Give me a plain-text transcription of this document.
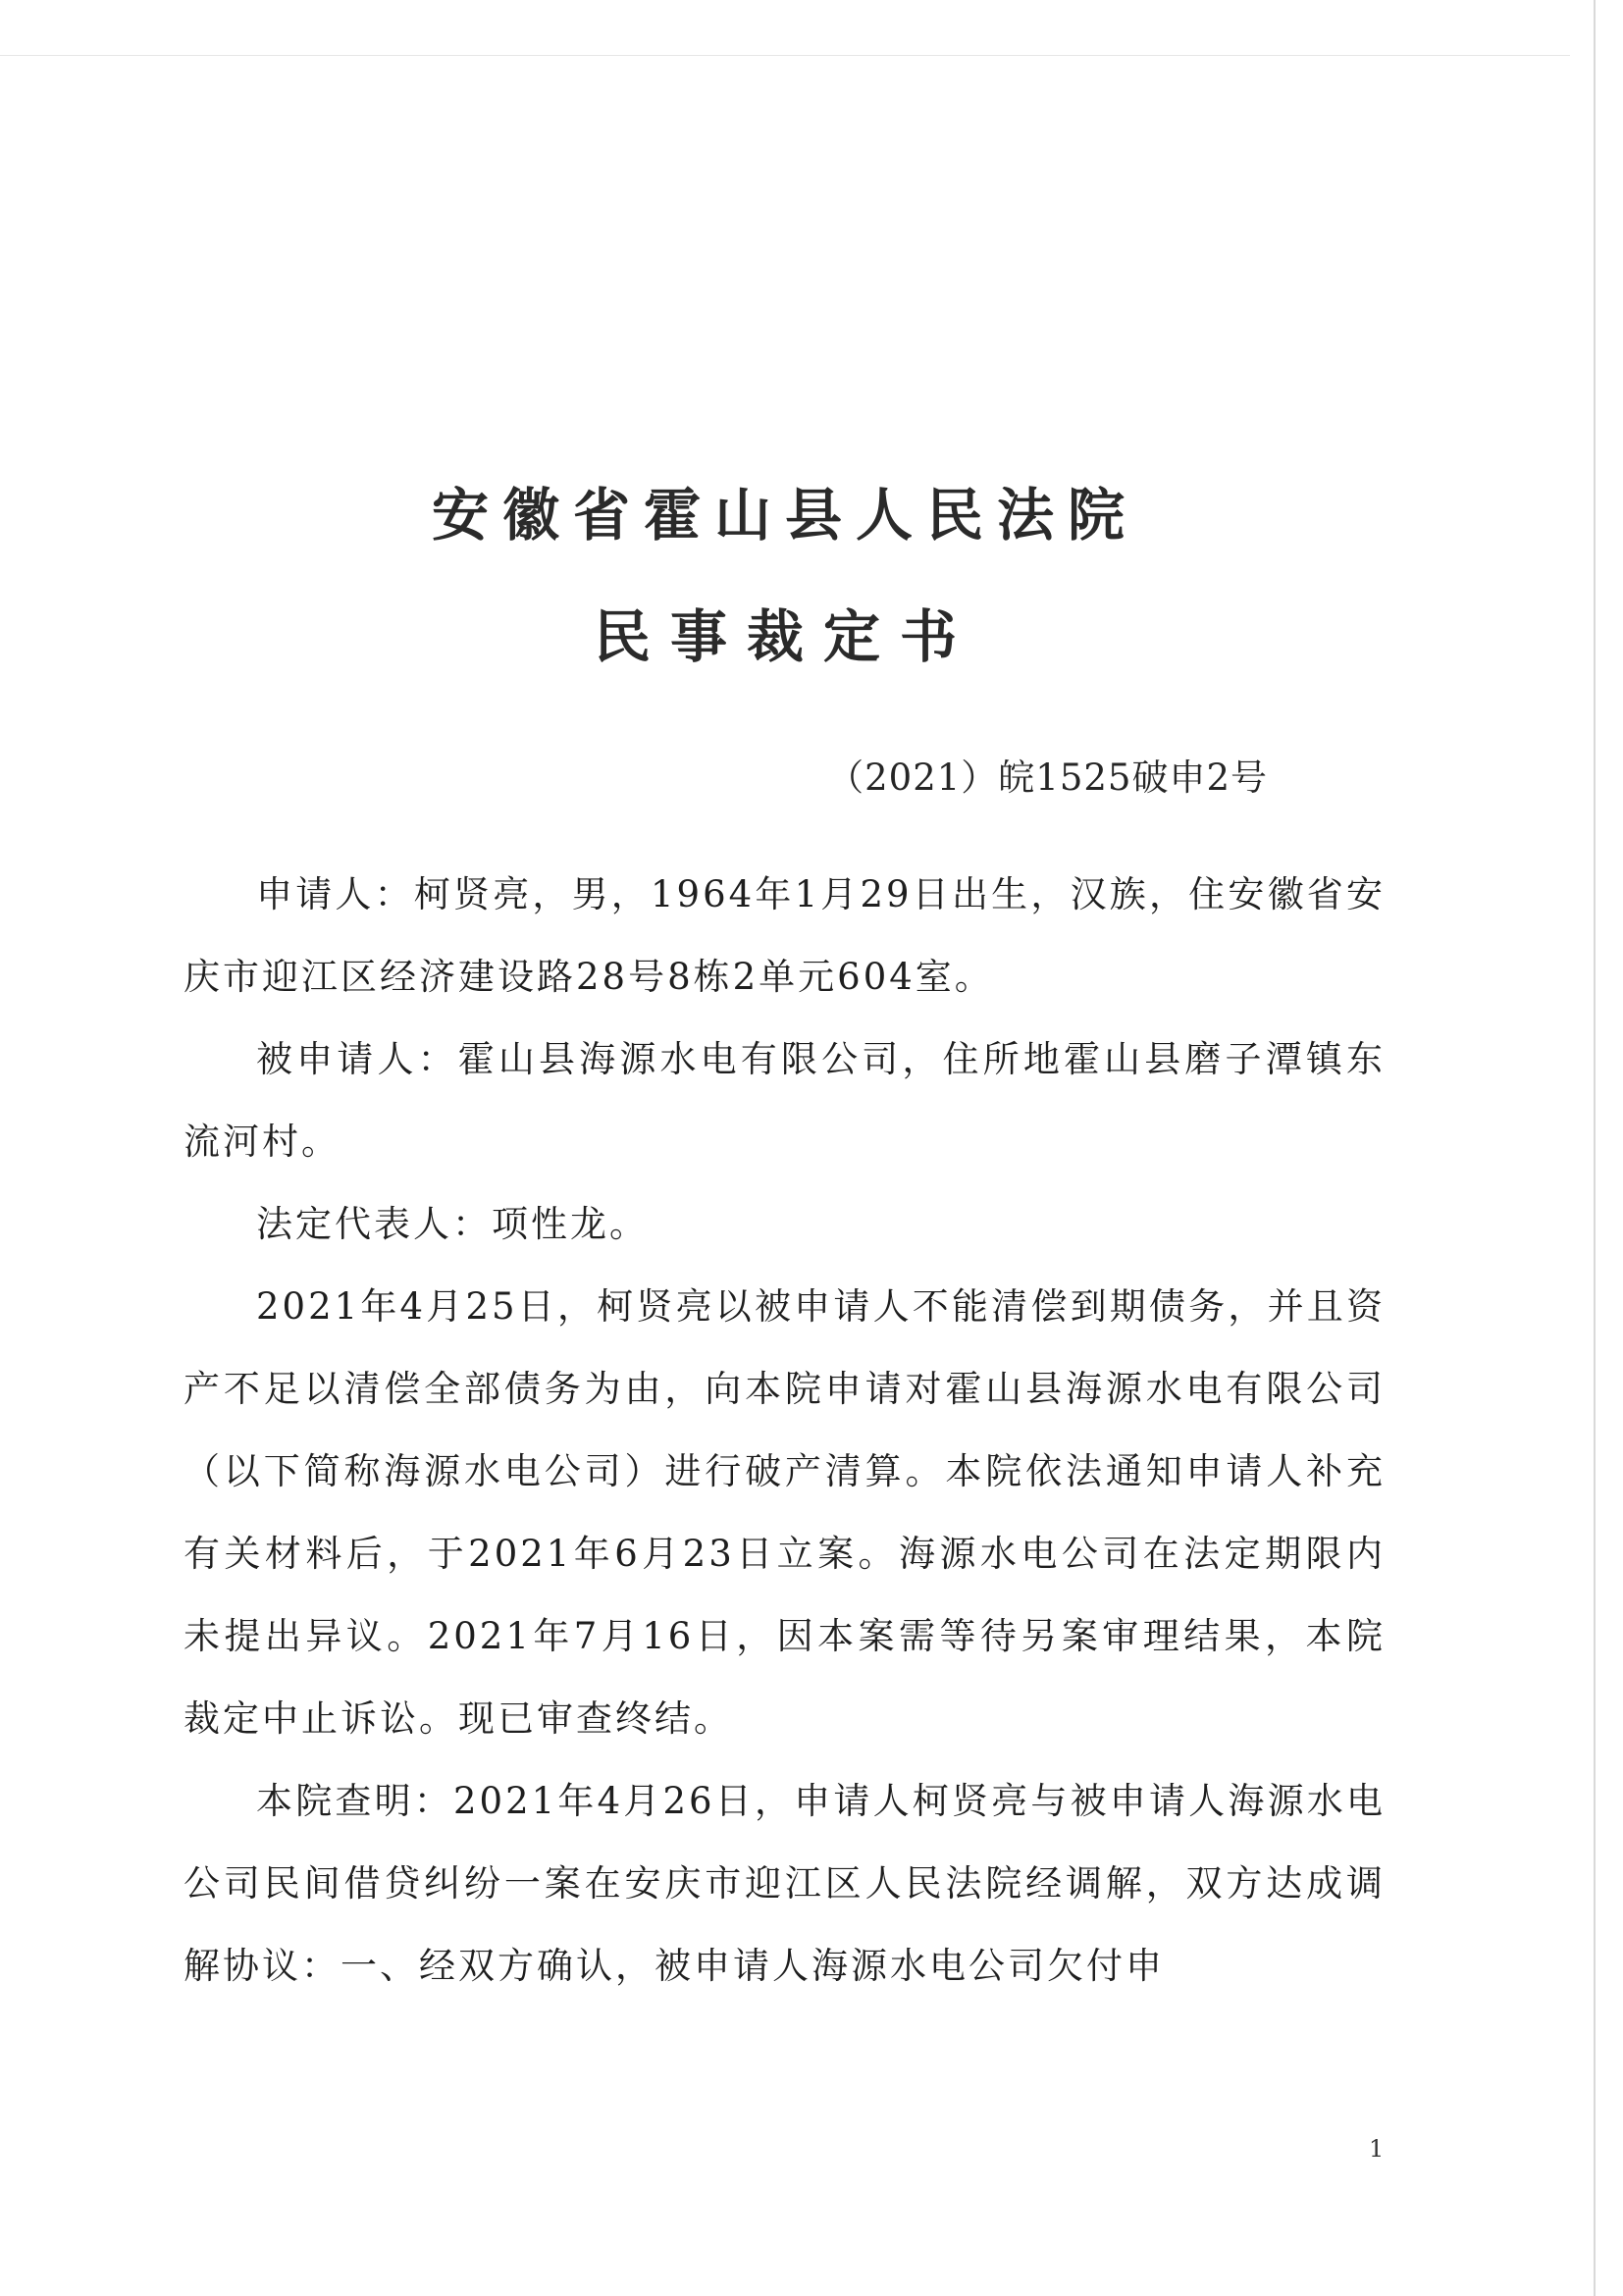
安徽省霍山县人民法院
民事裁定书
（2021）皖1525破申2号

申请人：柯贤亮，男，1964年1月29日出生，汉族，住安徽省安庆市迎江区经济建设路28号8栋2单元604室。

被申请人：霍山县海源水电有限公司，住所地霍山县磨子潭镇东流河村。

法定代表人：项性龙。

2021年4月25日，柯贤亮以被申请人不能清偿到期债务，并且资产不足以清偿全部债务为由，向本院申请对霍山县海源水电有限公司（以下简称海源水电公司）进行破产清算。本院依法通知申请人补充有关材料后，于2021年6月23日立案。海源水电公司在法定期限内未提出异议。2021年7月16日，因本案需等待另案审理结果，本院裁定中止诉讼。现已审查终结。

本院查明：2021年4月26日，申请人柯贤亮与被申请人海源水电公司民间借贷纠纷一案在安庆市迎江区人民法院经调解，双方达成调解协议：一、经双方确认，被申请人海源水电公司欠付申

1
